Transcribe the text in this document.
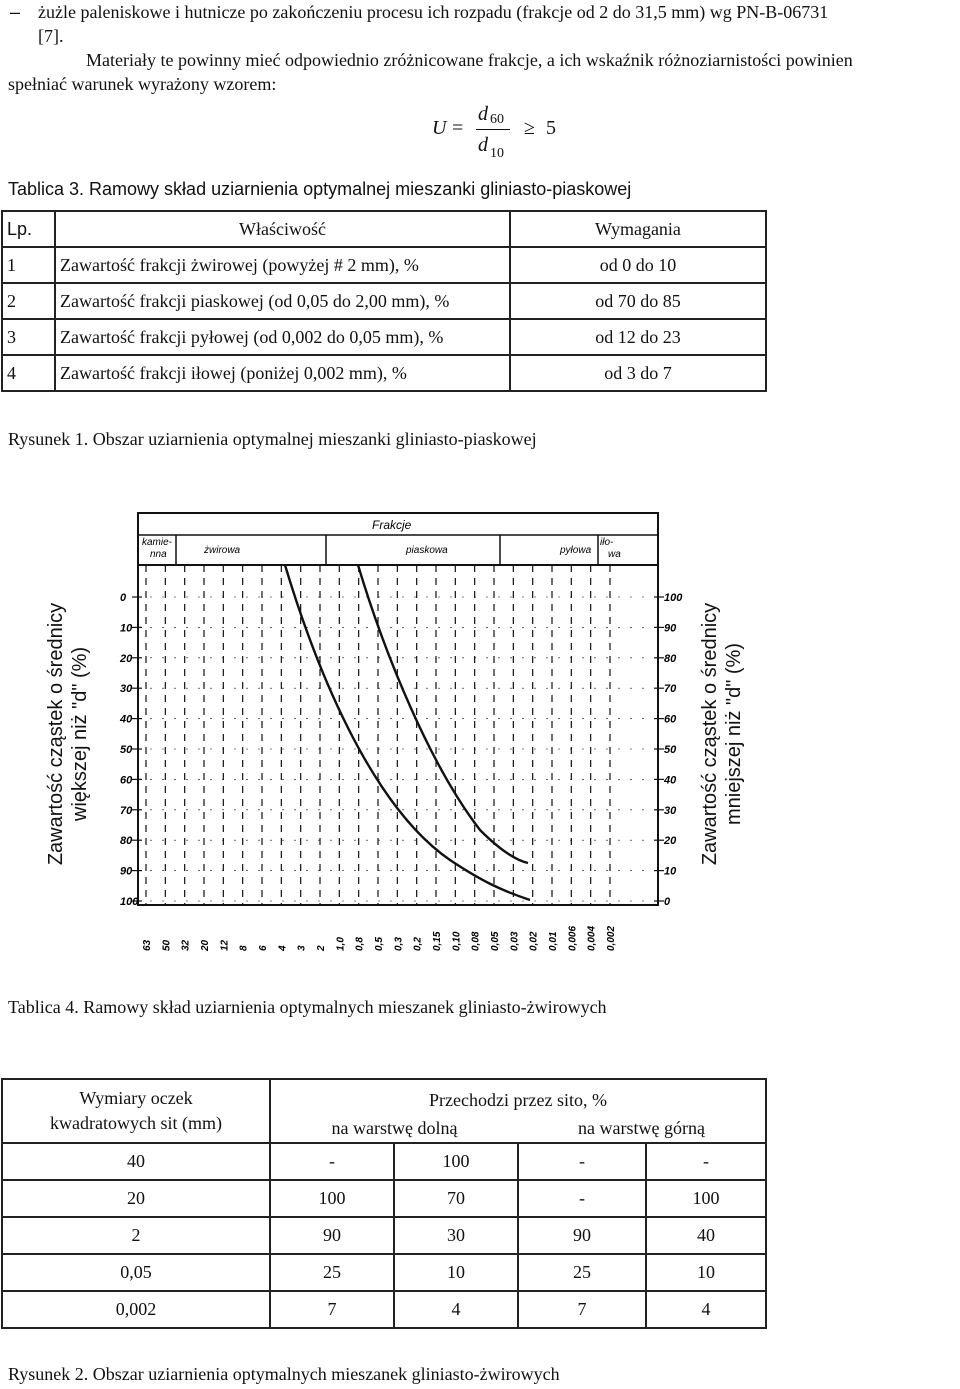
– żużle paleniskowe i hutnicze po zakończeniu procesu ich rozpadu (frakcje od 2 do 31,5 mm) wg PN-B-06731
[7].
Materiały te powinny mieć odpowiednio zróżnicowane frakcje, a ich wskaźnik różnoziarnistości powinien
spełniać warunek wyrażony wzorem:
U =
d 60
d 10
≥ 5
Tablica 3. Ramowy skład uziarnienia optymalnej mieszanki gliniasto-piaskowej
Lp.	Właściwość	Wymagania
1	Zawartość frakcji żwirowej (powyżej # 2 mm), %	od 0 do 10
2	Zawartość frakcji piaskowej (od 0,05 do 2,00 mm), %	od 70 do 85
3	Zawartość frakcji pyłowej (od 0,002 do 0,05 mm), %	od 12 do 23
4	Zawartość frakcji iłowej (poniżej 0,002 mm), %	od 3 do 7
Rysunek 1. Obszar uziarnienia optymalnej mieszanki gliniasto-piaskowej
Zawartość cząstek o średnicy większej niż "d" (%)	Zawartość cząstek o średnicy mniejszej niż "d" (%)
Frakcje
kamie-
nna	żwirowa	piaskowa	pyłowa
iło-
wa
63 50 32 20 12 8 6 4 3 2 1,0 0,8 0,5 0,3 0,2 0,15 0,10 0,08 0,05 0,03 0,02 0,01 0,006 0,004 0,002
0	100
10	90
20	80
30	70
40	60
50	50
60	40
70	30
80	20
90	10
100	0
Tablica 4. Ramowy skład uziarnienia optymalnych mieszanek gliniasto-żwirowych
Wymiary oczek
kwadratowych sit (mm)	Przechodzi przez sito, %			
	na warstwę dolną		na warstwę górną	
40	-	100	-	-
20	100	70	-	100
2	90	30	90	40
0,05	25	10	25	10
0,002	7	4	7	4
Rysunek 2. Obszar uziarnienia optymalnych mieszanek gliniasto-żwirowych
